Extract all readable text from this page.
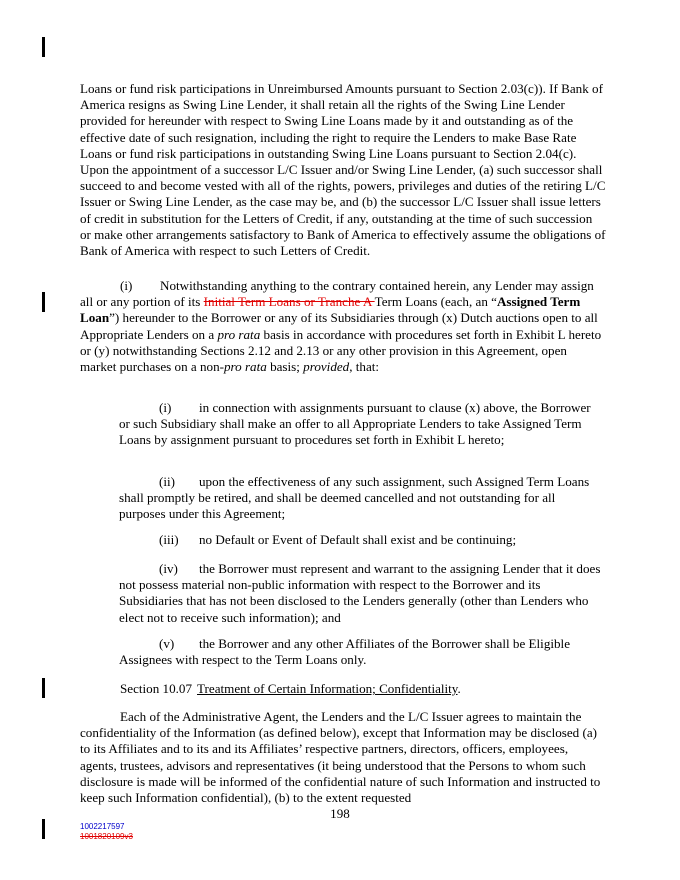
Loans or fund risk participations in Unreimbursed Amounts pursuant to Section 2.03(c)). If Bank of America resigns as Swing Line Lender, it shall retain all the rights of the Swing Line Lender provided for hereunder with respect to Swing Line Loans made by it and outstanding as of the effective date of such resignation, including the right to require the Lenders to make Base Rate Loans or fund risk participations in outstanding Swing Line Loans pursuant to Section 2.04(c). Upon the appointment of a successor L/C Issuer and/or Swing Line Lender, (a) such successor shall succeed to and become vested with all of the rights, powers, privileges and duties of the retiring L/C Issuer or Swing Line Lender, as the case may be, and (b) the successor L/C Issuer shall issue letters of credit in substitution for the Letters of Credit, if any, outstanding at the time of such succession or make other arrangements satisfactory to Bank of America to effectively assume the obligations of Bank of America with respect to such Letters of Credit.

(i) Notwithstanding anything to the contrary contained herein, any Lender may assign all or any portion of its Initial Term Loans or Tranche A Term Loans (each, an “Assigned Term Loan”) hereunder to the Borrower or any of its Subsidiaries through (x) Dutch auctions open to all Appropriate Lenders on a pro rata basis in accordance with procedures set forth in Exhibit L hereto or (y) notwithstanding Sections 2.12 and 2.13 or any other provision in this Agreement, open market purchases on a non-pro rata basis; provided, that:

(i) in connection with assignments pursuant to clause (x) above, the Borrower or such Subsidiary shall make an offer to all Appropriate Lenders to take Assigned Term Loans by assignment pursuant to procedures set forth in Exhibit L hereto;

(ii) upon the effectiveness of any such assignment, such Assigned Term Loans shall promptly be retired, and shall be deemed cancelled and not outstanding for all purposes under this Agreement;

(iii) no Default or Event of Default shall exist and be continuing;

(iv) the Borrower must represent and warrant to the assigning Lender that it does not possess material non-public information with respect to the Borrower and its Subsidiaries that has not been disclosed to the Lenders generally (other than Lenders who elect not to receive such information); and

(v) the Borrower and any other Affiliates of the Borrower shall be Eligible Assignees with respect to the Term Loans only.

Section 10.07 Treatment of Certain Information; Confidentiality.

Each of the Administrative Agent, the Lenders and the L/C Issuer agrees to maintain the confidentiality of the Information (as defined below), except that Information may be disclosed (a) to its Affiliates and to its and its Affiliates’ respective partners, directors, officers, employees, agents, trustees, advisors and representatives (it being understood that the Persons to whom such disclosure is made will be informed of the confidential nature of such Information and instructed to keep such Information confidential), (b) to the extent requested

198
1002217597
1001820109v3
